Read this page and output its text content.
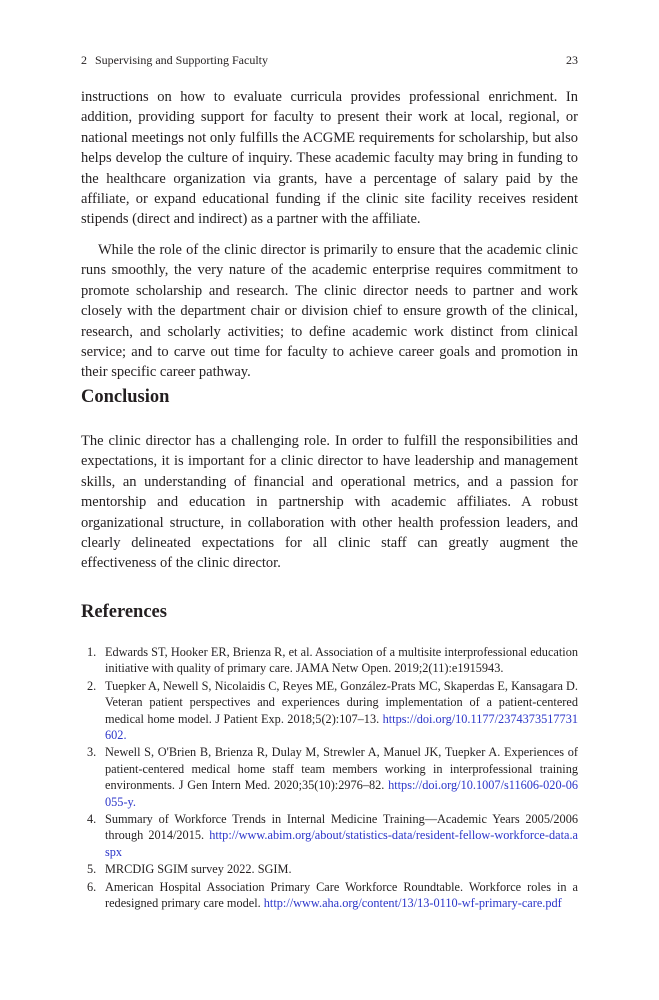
2 Supervising and Supporting Faculty	23

instructions on how to evaluate curricula provides professional enrichment. In addition, providing support for faculty to present their work at local, regional, or national meetings not only fulfills the ACGME requirements for scholarship, but also helps develop the culture of inquiry. These academic faculty may bring in funding to the healthcare organization via grants, have a percentage of salary paid by the affiliate, or expand educational funding if the clinic site facility receives resident stipends (direct and indirect) as a partner with the affiliate.

While the role of the clinic director is primarily to ensure that the academic clinic runs smoothly, the very nature of the academic enterprise requires commitment to promote scholarship and research. The clinic director needs to partner and work closely with the department chair or division chief to ensure growth of the clinical, research, and scholarly activities; to define academic work distinct from clinical service; and to carve out time for faculty to achieve career goals and promotion in their specific career pathway.

Conclusion

The clinic director has a challenging role. In order to fulfill the responsibilities and expectations, it is important for a clinic director to have leadership and management skills, an understanding of financial and operational metrics, and a passion for mentorship and education in partnership with academic affiliates. A robust organizational structure, in collaboration with other health profession leaders, and clearly delineated expectations for all clinic staff can greatly augment the effectiveness of the clinic director.

References
1. Edwards ST, Hooker ER, Brienza R, et al. Association of a multisite interprofessional education initiative with quality of primary care. JAMA Netw Open. 2019;2(11):e1915943.
2. Tuepker A, Newell S, Nicolaidis C, Reyes ME, González-Prats MC, Skaperdas E, Kansagara D. Veteran patient perspectives and experiences during implementation of a patient-centered medical home model. J Patient Exp. 2018;5(2):107–13. https://doi.org/10.1177/2374373517731602.
3. Newell S, O'Brien B, Brienza R, Dulay M, Strewler A, Manuel JK, Tuepker A. Experiences of patient-centered medical home staff team members working in interprofessional training environments. J Gen Intern Med. 2020;35(10):2976–82. https://doi.org/10.1007/s11606-020-06055-y.
4. Summary of Workforce Trends in Internal Medicine Training—Academic Years 2005/2006 through 2014/2015. http://www.abim.org/about/statistics-data/resident-fellow-workforce-data.aspx
5. MRCDIG SGIM survey 2022. SGIM.
6. American Hospital Association Primary Care Workforce Roundtable. Workforce roles in a redesigned primary care model. http://www.aha.org/content/13/13-0110-wf-primary-care.pdf
